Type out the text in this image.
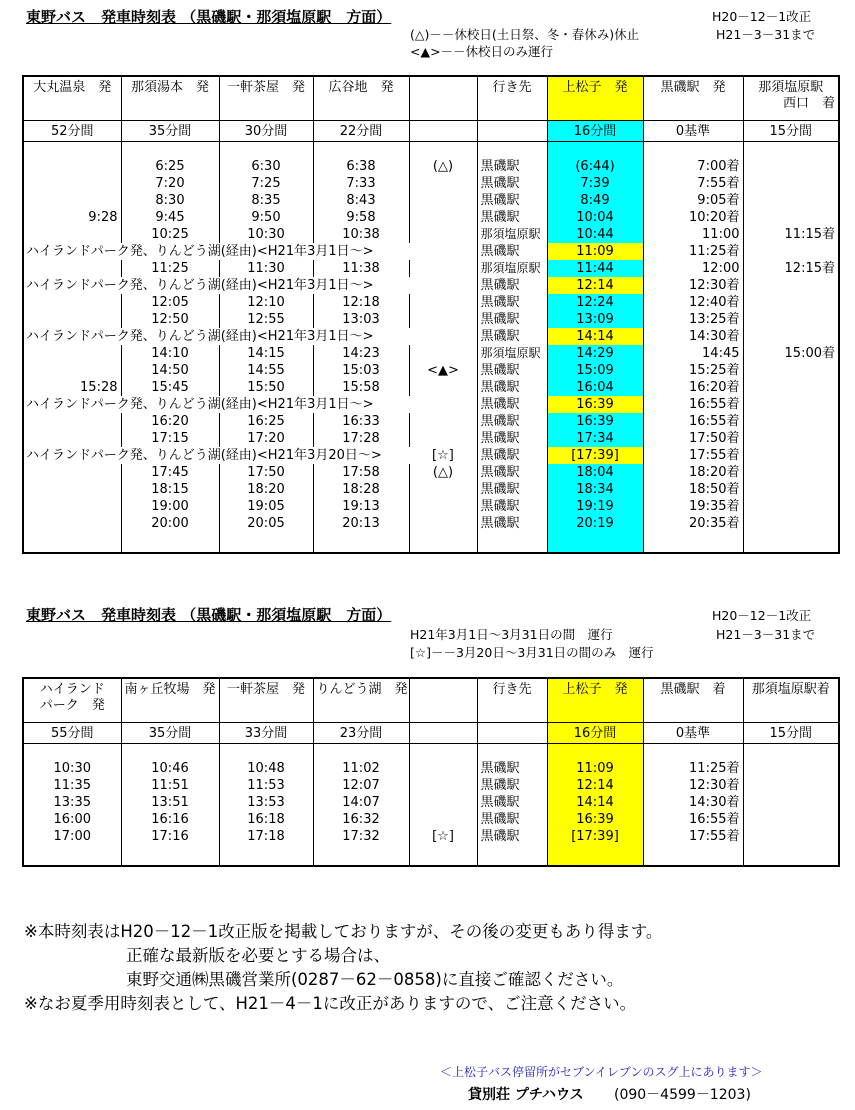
東野バス　発車時刻表 （黒磯駅・那須塩原駅　方面）	H20－12－1改正
(△)－－休校日(土日祭、冬・春休み)休止	H21－3－31まで
<▲>－－休校日のみ運行
大丸温泉　発	那須湯本　発	一軒茶屋　発	広谷地　発		行き先	上松子　発	黒磯駅　発	那須塩原駅
西口　着

52分間	35分間	30分間	22分間			16分間	0基準	15分間

	6:25	6:30	6:38	(△)	黒磯駅	(6:44)	7:00着	
	7:20	7:25	7:33		黒磯駅	7:39	7:55着	
	8:30	8:35	8:43		黒磯駅	8:49	9:05着	
9:28	9:45	9:50	9:58		黒磯駅	10:04	10:20着	
	10:25	10:30	10:38		那須塩原駅	10:44	11:00	11:15着

ハイランドパーク発、りんどう湖(経由)<H21年3月1日～>					黒磯駅	11:09	11:25着	
	11:25	11:30	11:38		那須塩原駅	11:44	12:00	12:15着

ハイランドパーク発、りんどう湖(経由)<H21年3月1日～>					黒磯駅	12:14	12:30着	
	12:05	12:10	12:18		黒磯駅	12:24	12:40着	
	12:50	12:55	13:03		黒磯駅	13:09	13:25着	

ハイランドパーク発、りんどう湖(経由)<H21年3月1日～>					黒磯駅	14:14	14:30着	
	14:10	14:15	14:23		那須塩原駅	14:29	14:45	15:00着
	14:50	14:55	15:03	<▲>	黒磯駅	15:09	15:25着	
15:28	15:45	15:50	15:58		黒磯駅	16:04	16:20着	

ハイランドパーク発、りんどう湖(経由)<H21年3月1日～>					黒磯駅	16:39	16:55着	
	16:20	16:25	16:33		黒磯駅	16:39	16:55着	
	17:15	17:20	17:28		黒磯駅	17:34	17:50着	

ハイランドパーク発、りんどう湖(経由)<H21年3月20日～> [☆]					黒磯駅	[17:39]	17:55着	
	17:45	17:50	17:58	(△)	黒磯駅	18:04	18:20着	
	18:15	18:20	18:28		黒磯駅	18:34	18:50着	
	19:00	19:05	19:13		黒磯駅	19:19	19:35着	
	20:00	20:05	20:13		黒磯駅	20:19	20:35着	

東野バス　発車時刻表 （黒磯駅・那須塩原駅　方面）	H20－12－1改正
H21年3月1日～3月31日の間　運行	H21－3－31まで
[☆]－－3月20日～3月31日の間のみ　運行
ハイランド
パーク　発	南ヶ丘牧場　発	一軒茶屋　発	りんどう湖　発		行き先	上松子　発	黒磯駅　着	那須塩原駅着
55分間	35分間	33分間	23分間			16分間	0基準	15分間

10:30	10:46	10:48	11:02		黒磯駅	11:09	11:25着	
11:35	11:51	11:53	12:07		黒磯駅	12:14	12:30着	
13:35	13:51	13:53	14:07		黒磯駅	14:14	14:30着	
16:00	16:16	16:18	16:32		黒磯駅	16:39	16:55着	
17:00	17:16	17:18	17:32	[☆]	黒磯駅	[17:39]	17:55着	

※本時刻表はH20－12－1改正版を掲載しておりますが、その後の変更もあり得ます。
正確な最新版を必要とする場合は、
東野交通㈱黒磯営業所(0287－62－0858)に直接ご確認ください。
※なお夏季用時刻表として、H21－4－1に改正がありますので、ご注意ください。
＜上松子バス停留所がセブンイレブンのスグ上にあります＞
貸別荘 プチハウス (090－4599－1203)
